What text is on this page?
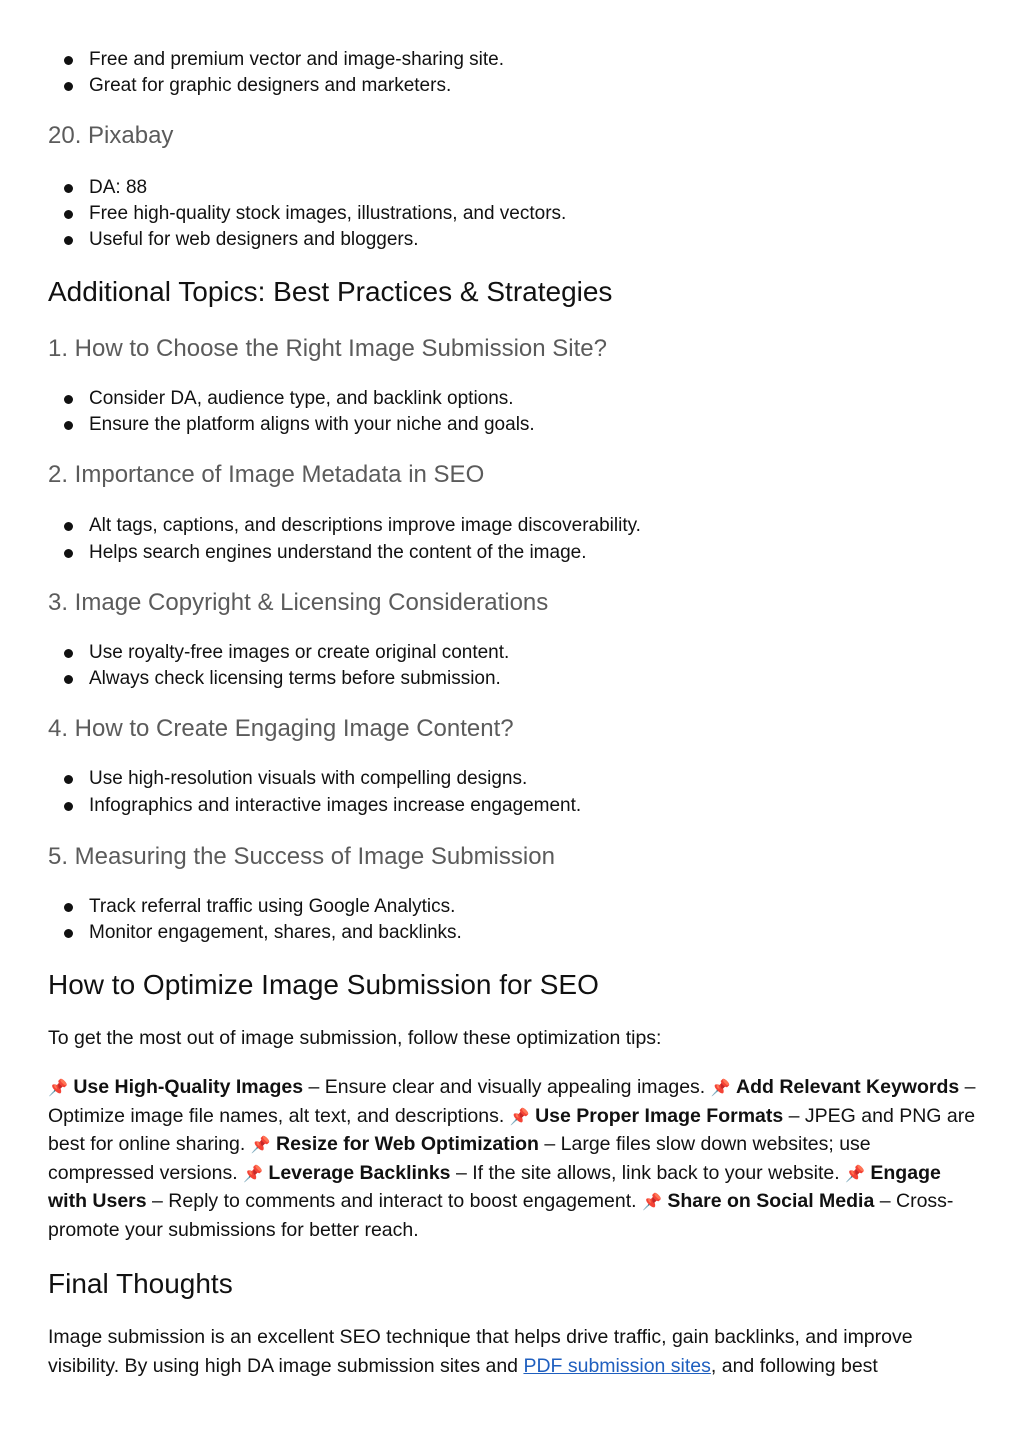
Free and premium vector and image-sharing site.
Great for graphic designers and marketers.
20. Pixabay
DA: 88
Free high-quality stock images, illustrations, and vectors.
Useful for web designers and bloggers.
Additional Topics: Best Practices & Strategies
1. How to Choose the Right Image Submission Site?
Consider DA, audience type, and backlink options.
Ensure the platform aligns with your niche and goals.
2. Importance of Image Metadata in SEO
Alt tags, captions, and descriptions improve image discoverability.
Helps search engines understand the content of the image.
3. Image Copyright & Licensing Considerations
Use royalty-free images or create original content.
Always check licensing terms before submission.
4. How to Create Engaging Image Content?
Use high-resolution visuals with compelling designs.
Infographics and interactive images increase engagement.
5. Measuring the Success of Image Submission
Track referral traffic using Google Analytics.
Monitor engagement, shares, and backlinks.
How to Optimize Image Submission for SEO
To get the most out of image submission, follow these optimization tips:
📌 Use High-Quality Images – Ensure clear and visually appealing images. 📌 Add Relevant Keywords – Optimize image file names, alt text, and descriptions. 📌 Use Proper Image Formats – JPEG and PNG are best for online sharing. 📌 Resize for Web Optimization – Large files slow down websites; use compressed versions. 📌 Leverage Backlinks – If the site allows, link back to your website. 📌 Engage with Users – Reply to comments and interact to boost engagement. 📌 Share on Social Media – Cross-promote your submissions for better reach.
Final Thoughts
Image submission is an excellent SEO technique that helps drive traffic, gain backlinks, and improve visibility. By using high DA image submission sites and PDF submission sites, and following best
